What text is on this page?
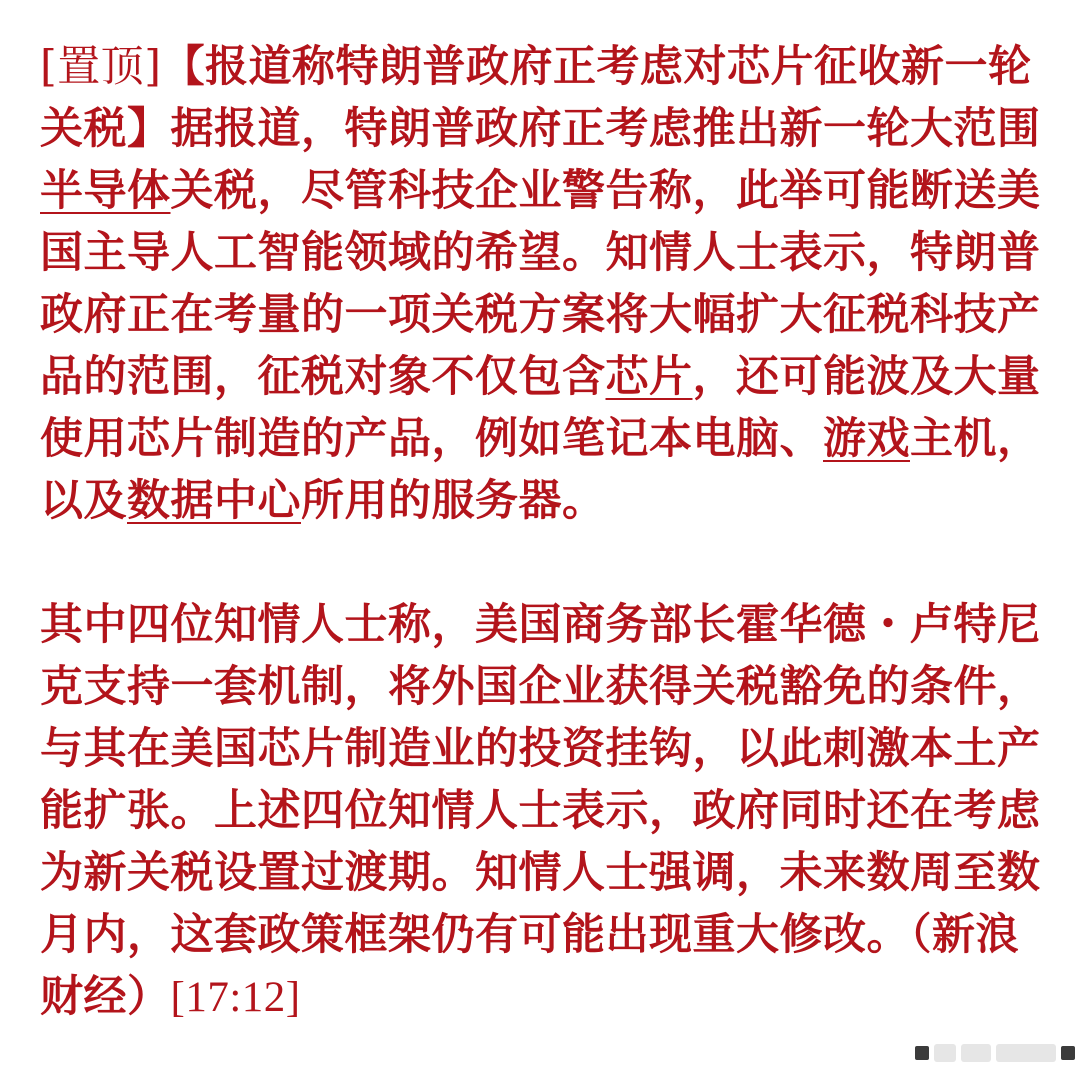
[置顶]【报道称特朗普政府正考虑对芯片征收新一轮关税】据报道，特朗普政府正考虑推出新一轮大范围半导体关税，尽管科技企业警告称，此举可能断送美国主导人工智能领域的希望。知情人士表示，特朗普政府正在考量的一项关税方案将大幅扩大征税科技产品的范围，征税对象不仅包含芯片，还可能波及大量使用芯片制造的产品，例如笔记本电脑、游戏主机，以及数据中心所用的服务器。

其中四位知情人士称，美国商务部长霍华德・卢特尼克支持一套机制，将外国企业获得关税豁免的条件，与其在美国芯片制造业的投资挂钩，以此刺激本土产能扩张。上述四位知情人士表示，政府同时还在考虑为新关税设置过渡期。知情人士强调，未来数周至数月内，这套政策框架仍有可能出现重大修改。（新浪财经）[17:12]
